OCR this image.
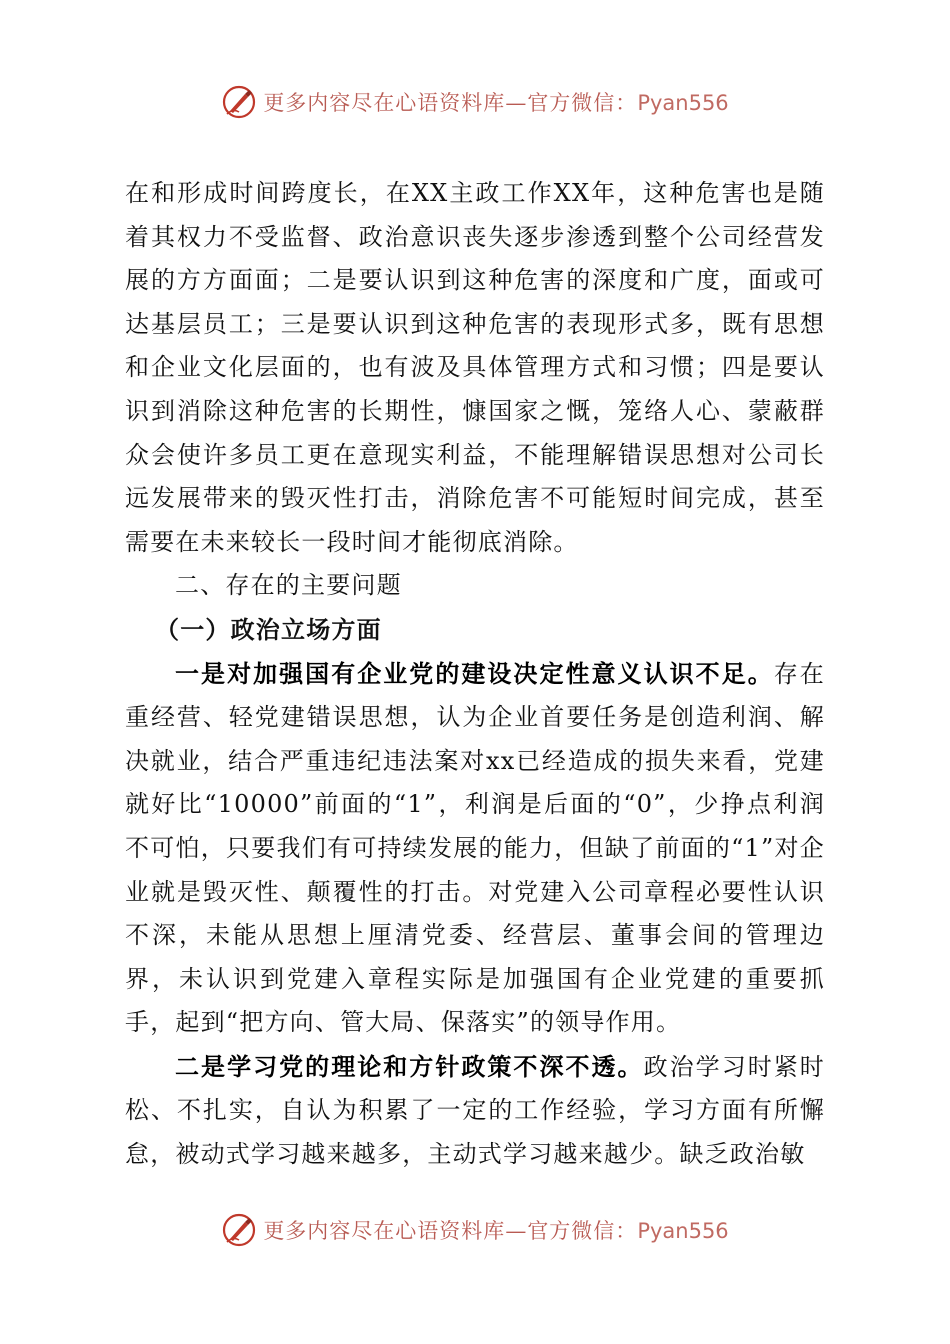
更多内容尽在心语资料库—官方微信：Pyan556

在和形成时间跨度长，在XX主政工作XX年，这种危害也是随着其权力不受监督、政治意识丧失逐步渗透到整个公司经营发展的方方面面；二是要认识到这种危害的深度和广度，面或可达基层员工；三是要认识到这种危害的表现形式多，既有思想和企业文化层面的，也有波及具体管理方式和习惯；四是要认识到消除这种危害的长期性，慷国家之慨，笼络人心、蒙蔽群众会使许多员工更在意现实利益，不能理解错误思想对公司长远发展带来的毁灭性打击，消除危害不可能短时间完成，甚至需要在未来较长一段时间才能彻底消除。

二、存在的主要问题

（一）政治立场方面

一是对加强国有企业党的建设决定性意义认识不足。存在重经营、轻党建错误思想，认为企业首要任务是创造利润、解决就业，结合严重违纪违法案对xx已经造成的损失来看，党建就好比“10000”前面的“1”，利润是后面的“0”，少挣点利润不可怕，只要我们有可持续发展的能力，但缺了前面的“1”对企业就是毁灭性、颠覆性的打击。对党建入公司章程必要性认识不深，未能从思想上厘清党委、经营层、董事会间的管理边界，未认识到党建入章程实际是加强国有企业党建的重要抓手，起到“把方向、管大局、保落实”的领导作用。

二是学习党的理论和方针政策不深不透。政治学习时紧时松、不扎实，自认为积累了一定的工作经验，学习方面有所懈怠，被动式学习越来越多，主动式学习越来越少。缺乏政治敏

更多内容尽在心语资料库—官方微信：Pyan556
